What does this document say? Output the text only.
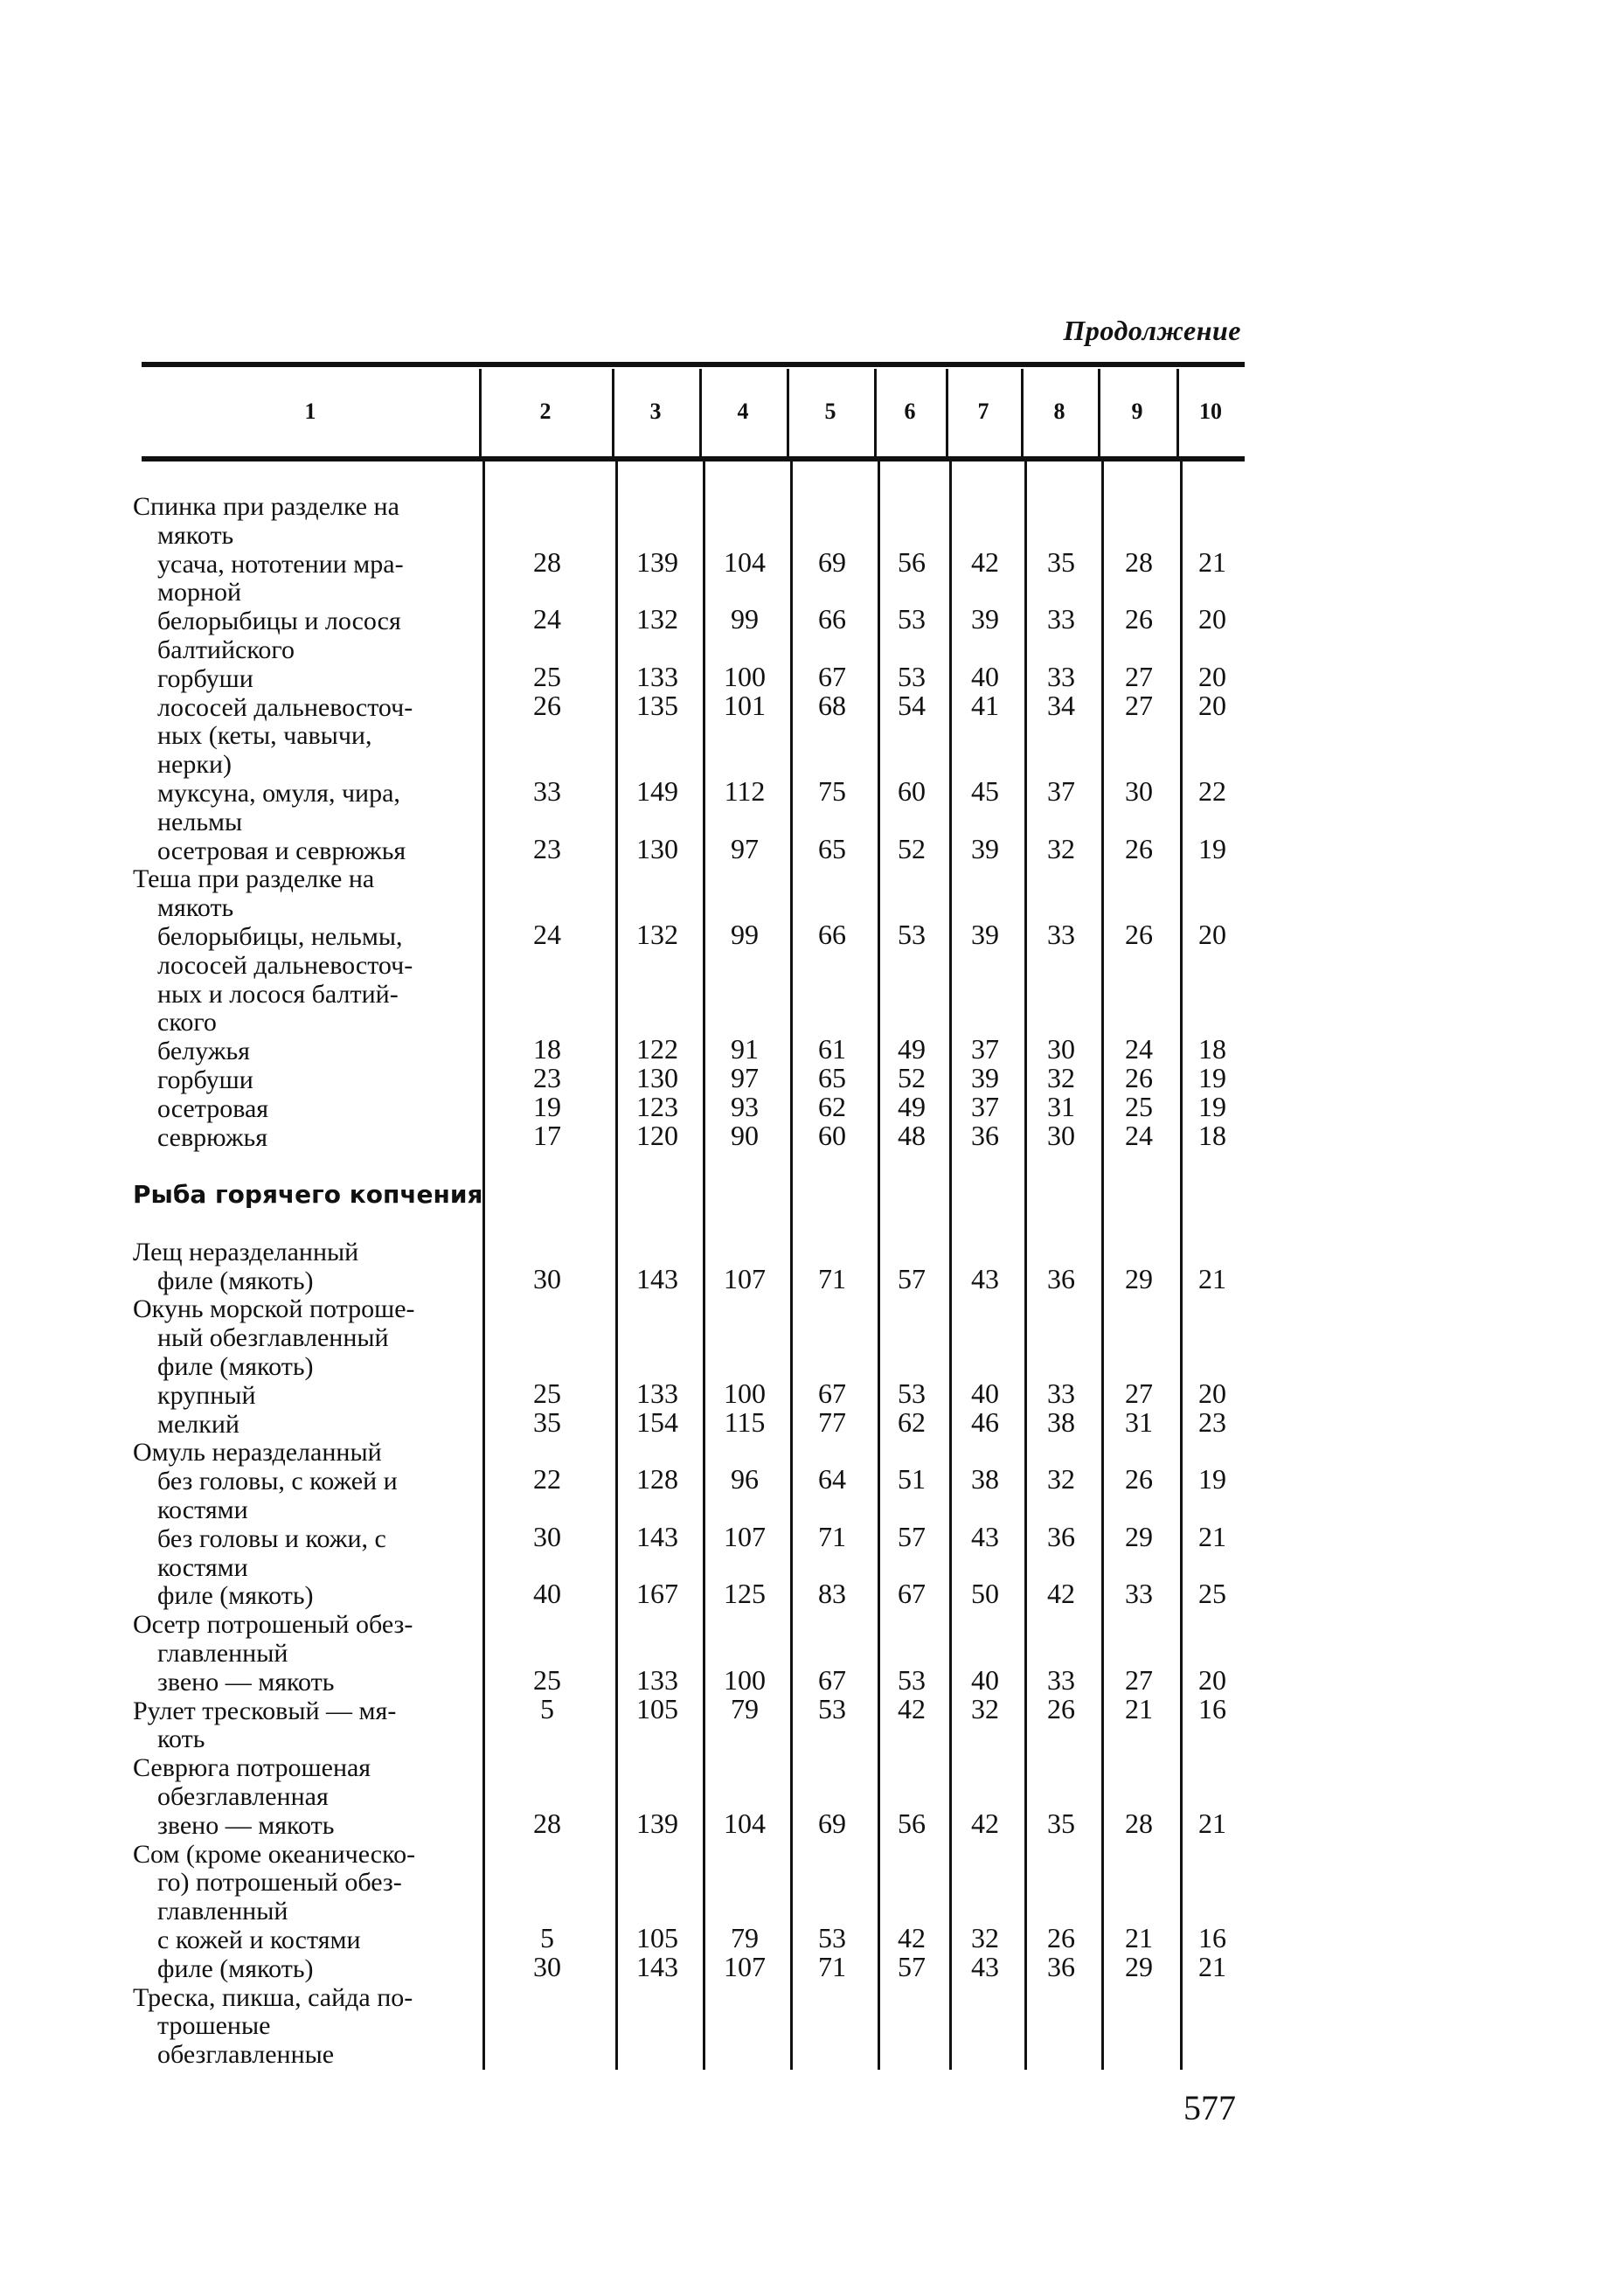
Продолжение
1	2	3	4	5	6	7	8	9	10
Спинка при разделке на
мякоть
усача, нототении мра-	28	139	104	69	56	42	35	28	21
морной
белорыбицы и лосося	24	132	99	66	53	39	33	26	20
балтийского
горбуши	25	133	100	67	53	40	33	27	20
лососей дальневосточ-	26	135	101	68	54	41	34	27	20
ных (кеты, чавычи,
нерки)
муксуна, омуля, чира,	33	149	112	75	60	45	37	30	22
нельмы
осетровая и севрюжья	23	130	97	65	52	39	32	26	19
Теша при разделке на
мякоть
белорыбицы, нельмы,	24	132	99	66	53	39	33	26	20
лососей дальневосточ-
ных и лосося балтий-
ского
белужья	18	122	91	61	49	37	30	24	18
горбуши	23	130	97	65	52	39	32	26	19
осетровая	19	123	93	62	49	37	31	25	19
севрюжья	17	120	90	60	48	36	30	24	18
Рыба горячего копчения
Лещ неразделанный
филе (мякоть)	30	143	107	71	57	43	36	29	21
Окунь морской потроше-
ный обезглавленный
филе (мякоть)
крупный	25	133	100	67	53	40	33	27	20
мелкий	35	154	115	77	62	46	38	31	23
Омуль неразделанный
без головы, с кожей и	22	128	96	64	51	38	32	26	19
костями
без головы и кожи, с	30	143	107	71	57	43	36	29	21
костями
филе (мякоть)	40	167	125	83	67	50	42	33	25
Осетр потрошеный обез-
главленный
звено — мякоть	25	133	100	67	53	40	33	27	20
Рулет тресковый — мя-	5	105	79	53	42	32	26	21	16
коть
Севрюга потрошеная
обезглавленная
звено — мякоть	28	139	104	69	56	42	35	28	21
Сом (кроме океаническо-
го) потрошеный обез-
главленный
с кожей и костями	5	105	79	53	42	32	26	21	16
филе (мякоть)	30	143	107	71	57	43	36	29	21
Треска, пикша, сайда по-
трошеные
обезглавленные
577
